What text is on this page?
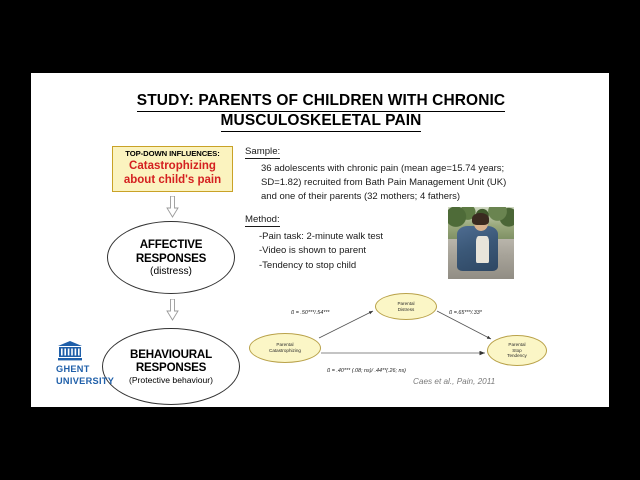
STUDY: PARENTS OF CHILDREN WITH CHRONIC
MUSCULOSKELETAL PAIN
TOP-DOWN INFLUENCES:
Catastrophizing
about child's pain
AFFECTIVE
RESPONSES
(distress)
BEHAVIOURAL
RESPONSES
(Protective behaviour)
Sample:
36 adolescents with chronic pain (mean age=15.74 years;
SD=1.82) recruited from Bath Pain Management Unit (UK)
and one of their parents (32 mothers; 4 fathers)
Method:
-Pain task: 2-minute walk test
-Video is shown to parent
-Tendency to stop child
Parental
Catastrophizing
Parental
Distress
Parental
Stop
Tendency
ß = .50***/.54***	ß =.65***/.33*
ß = .40*** (.08; ns)/ .44**(.26; ns)
GHENT
UNIVERSITY	Caes et al., Pain, 2011
